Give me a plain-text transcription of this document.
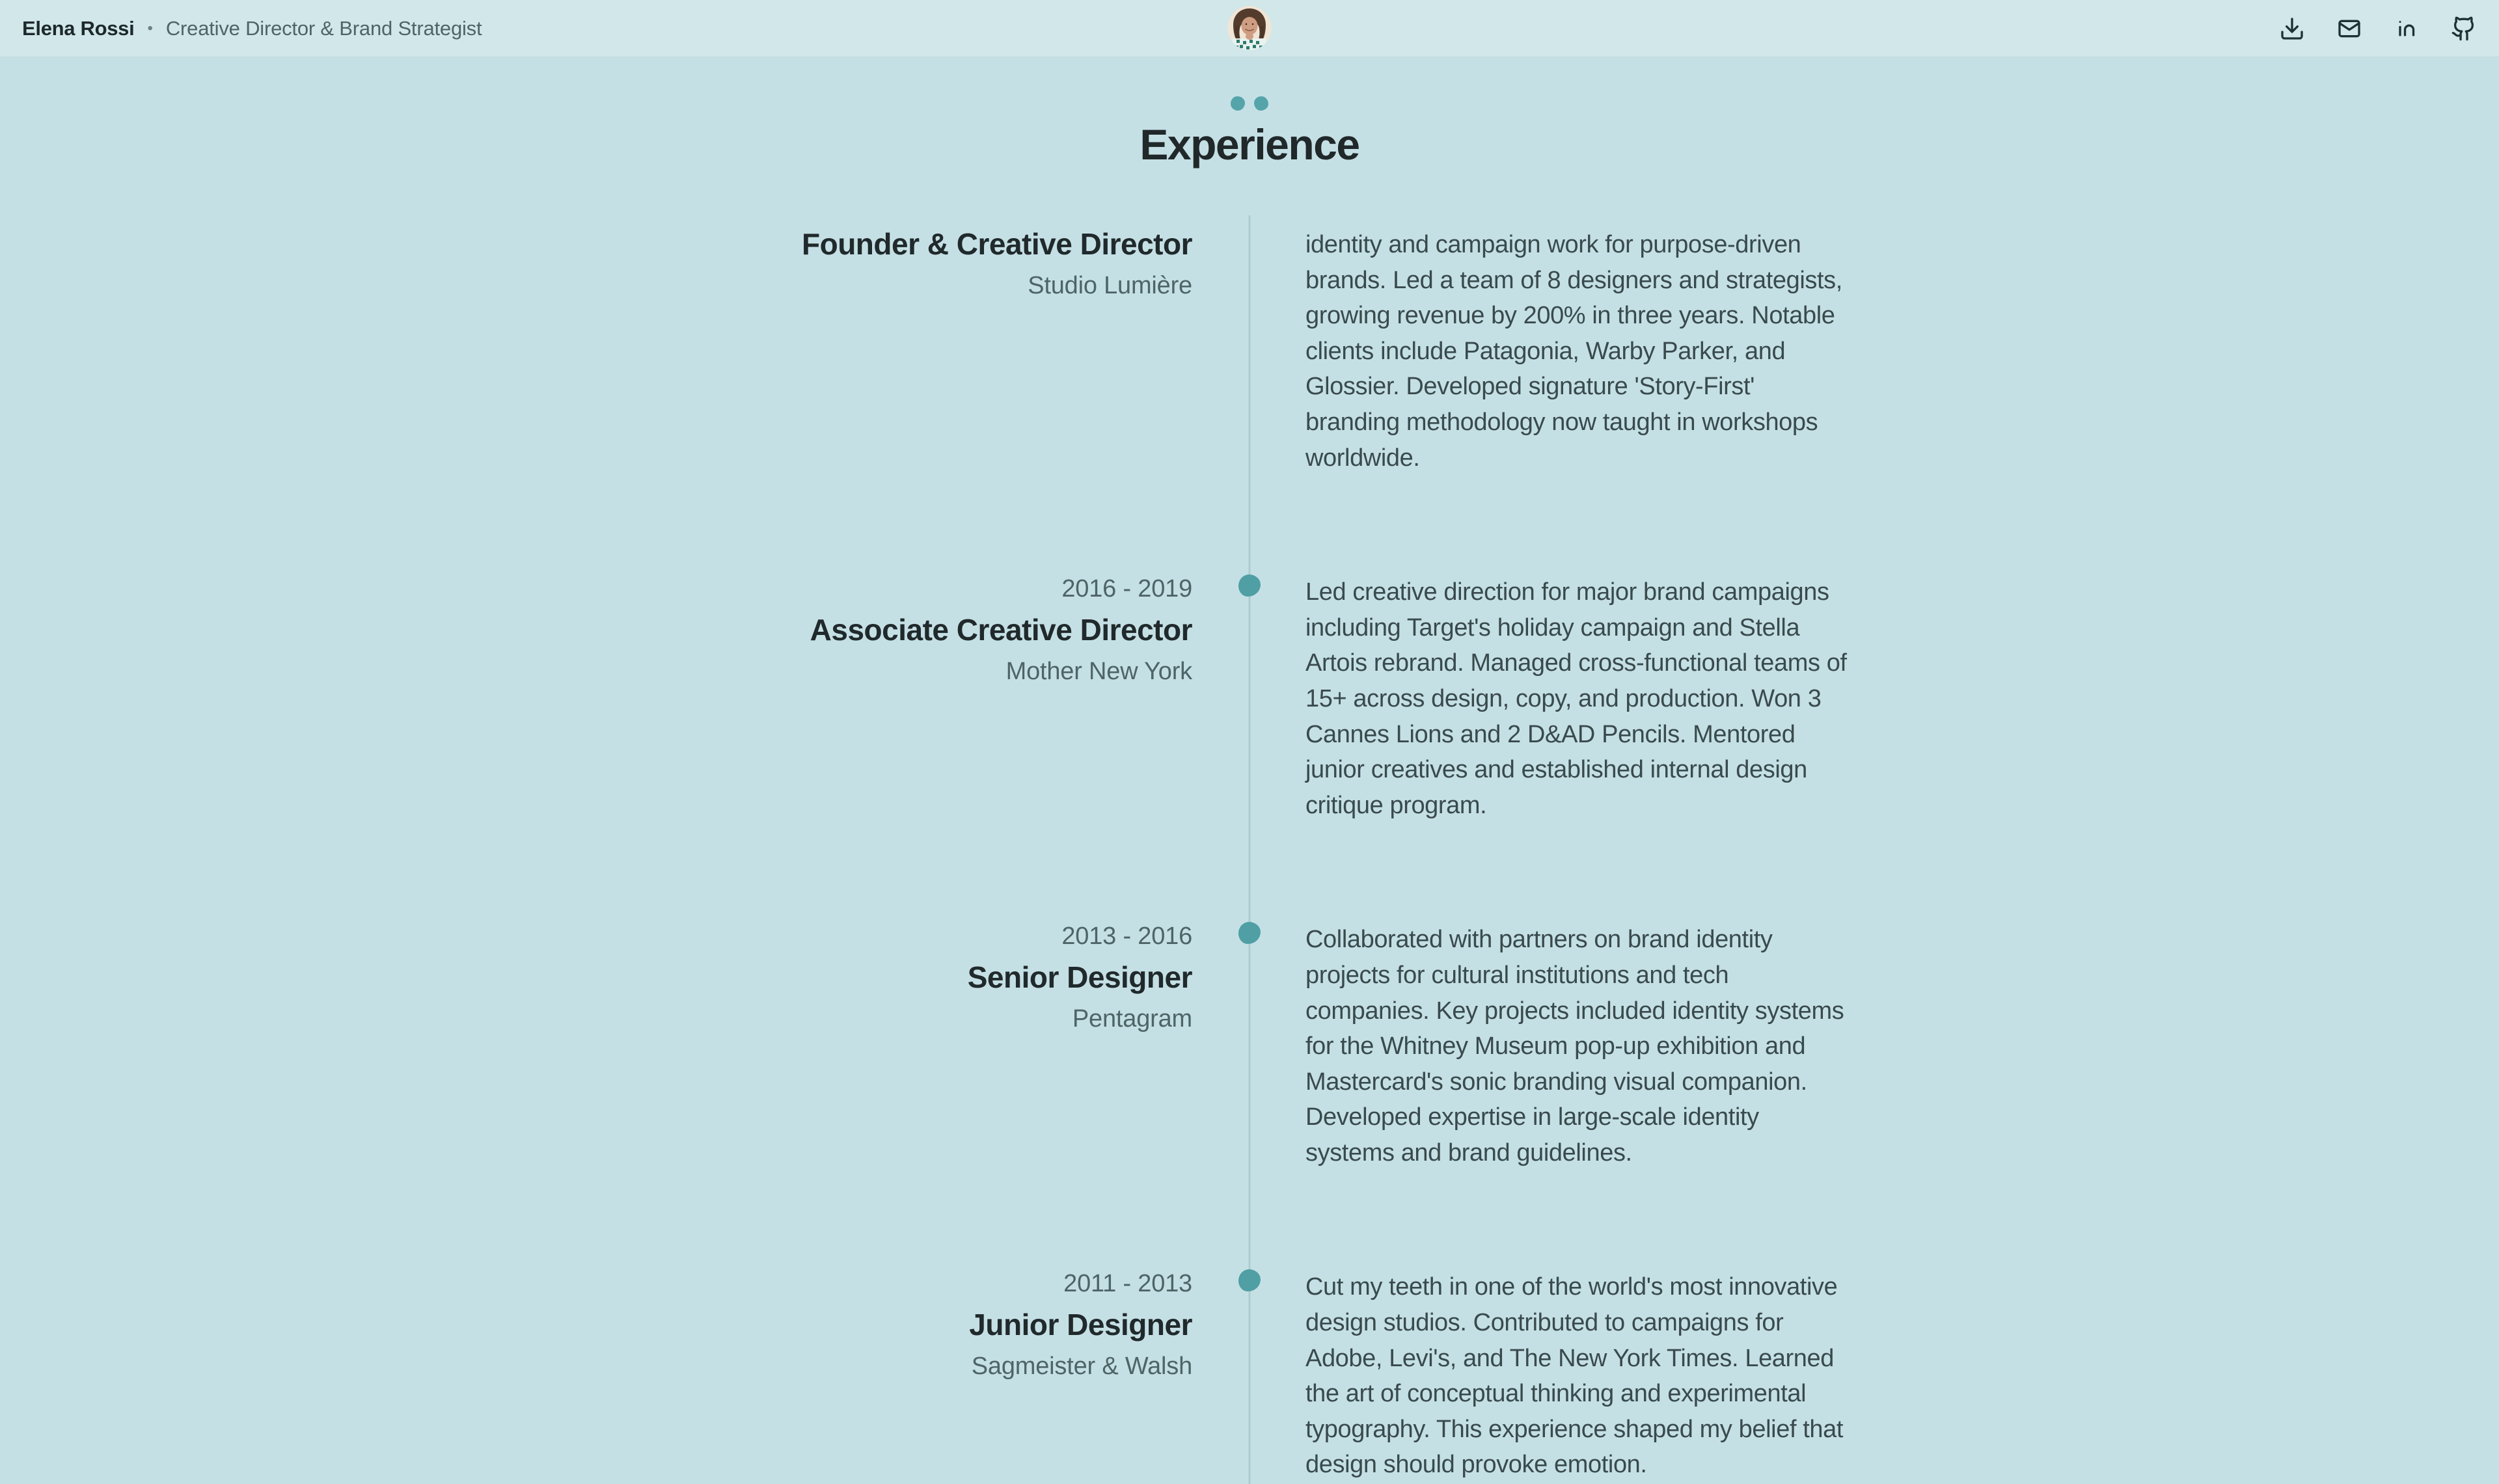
Elena Rossi • Creative Director & Brand Strategist
Experience
Founder & Creative Director

Studio Lumière

identity and campaign work for purpose-driven brands. Led a team of 8 designers and strategists, growing revenue by 200% in three years. Notable clients include Patagonia, Warby Parker, and Glossier. Developed signature 'Story-First' branding methodology now taught in workshops worldwide.

2016 - 2019

Associate Creative Director

Mother New York

Led creative direction for major brand campaigns including Target's holiday campaign and Stella Artois rebrand. Managed cross-functional teams of 15+ across design, copy, and production. Won 3 Cannes Lions and 2 D&AD Pencils. Mentored junior creatives and established internal design critique program.

2013 - 2016

Senior Designer

Pentagram

Collaborated with partners on brand identity projects for cultural institutions and tech companies. Key projects included identity systems for the Whitney Museum pop-up exhibition and Mastercard's sonic branding visual companion. Developed expertise in large-scale identity systems and brand guidelines.

2011 - 2013

Junior Designer

Sagmeister & Walsh

Cut my teeth in one of the world's most innovative design studios. Contributed to campaigns for Adobe, Levi's, and The New York Times. Learned the art of conceptual thinking and experimental typography. This experience shaped my belief that design should provoke emotion.
